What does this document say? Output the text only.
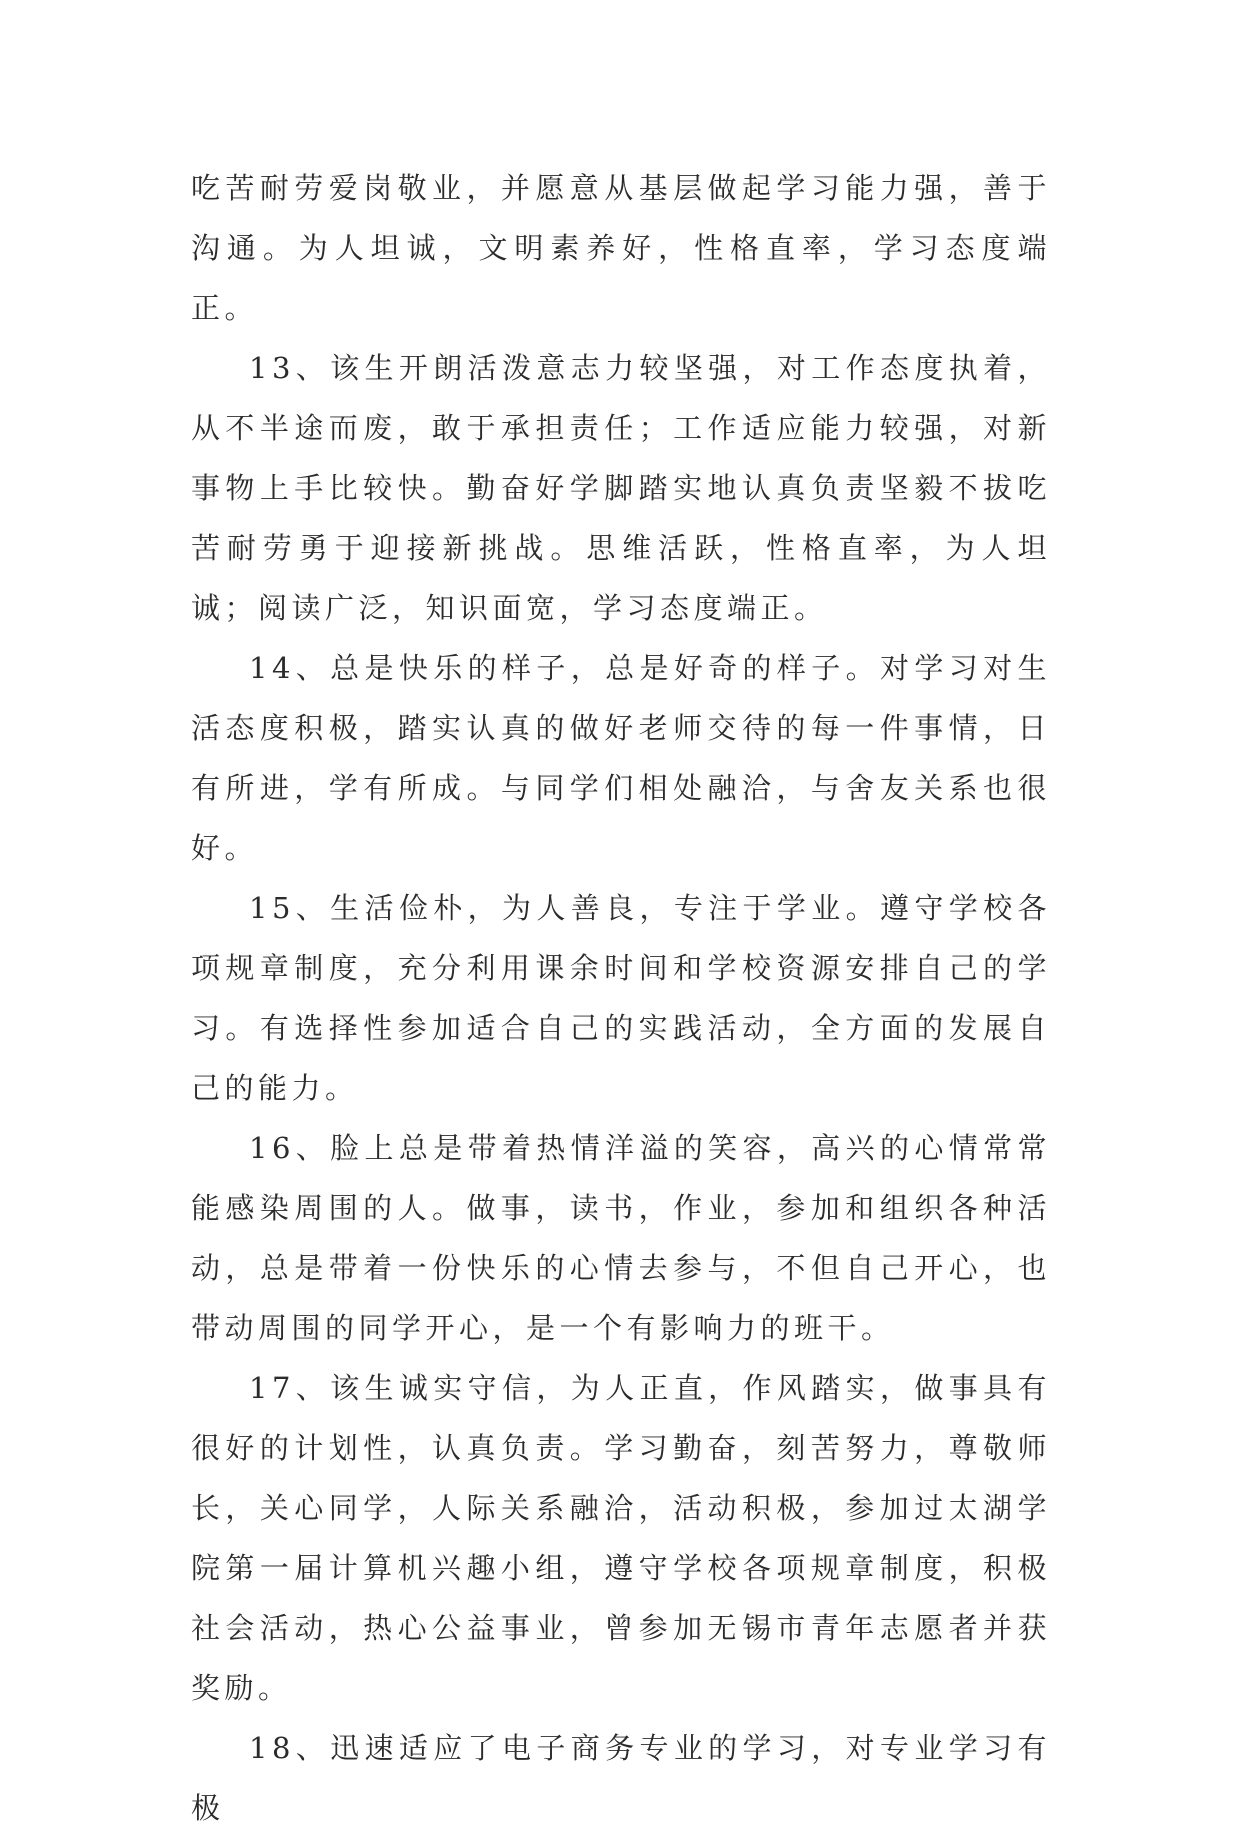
吃苦耐劳爱岗敬业，并愿意从基层做起学习能力强，善于沟通。为人坦诚，文明素养好，性格直率，学习态度端正。

13、该生开朗活泼意志力较坚强，对工作态度执着，从不半途而废，敢于承担责任；工作适应能力较强，对新事物上手比较快。勤奋好学脚踏实地认真负责坚毅不拔吃苦耐劳勇于迎接新挑战。思维活跃，性格直率，为人坦诚；阅读广泛，知识面宽，学习态度端正。

14、总是快乐的样子，总是好奇的样子。对学习对生活态度积极，踏实认真的做好老师交待的每一件事情，日有所进，学有所成。与同学们相处融洽，与舍友关系也很好。

15、生活俭朴，为人善良，专注于学业。遵守学校各项规章制度，充分利用课余时间和学校资源安排自己的学习。有选择性参加适合自己的实践活动，全方面的发展自己的能力。

16、脸上总是带着热情洋溢的笑容，高兴的心情常常能感染周围的人。做事，读书，作业，参加和组织各种活动，总是带着一份快乐的心情去参与，不但自己开心，也带动周围的同学开心，是一个有影响力的班干。

17、该生诚实守信，为人正直，作风踏实，做事具有很好的计划性，认真负责。学习勤奋，刻苦努力，尊敬师长，关心同学，人际关系融洽，活动积极，参加过太湖学院第一届计算机兴趣小组，遵守学校各项规章制度，积极社会活动，热心公益事业，曾参加无锡市青年志愿者并获奖励。

18、迅速适应了电子商务专业的学习，对专业学习有极
